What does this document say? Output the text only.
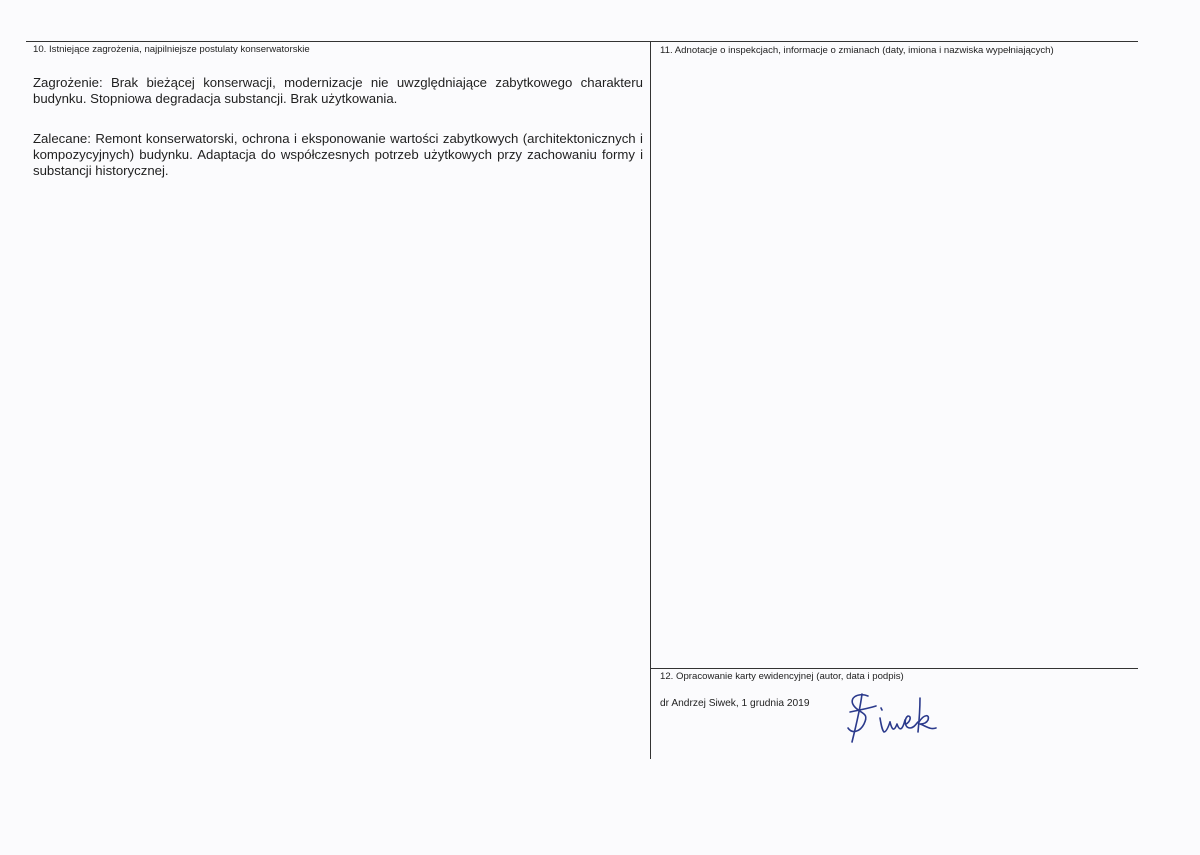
10. Istniejące zagrożenia, najpilniejsze postulaty konserwatorskie

Zagrożenie: Brak bieżącej konserwacji, modernizacje nie uwzględniające zabytkowego charakteru budynku. Stopniowa degradacja substancji. Brak użytkowania.

Zalecane: Remont konserwatorski, ochrona i eksponowanie wartości zabytkowych (architektonicznych i kompozycyjnych) budynku. Adaptacja do współczesnych potrzeb użytkowych przy zachowaniu formy i substancji historycznej.

11. Adnotacje o inspekcjach, informacje o zmianach (daty, imiona i nazwiska wypełniających)
12. Opracowanie karty ewidencyjnej (autor, data i podpis)
dr Andrzej Siwek, 1 grudnia 2019
